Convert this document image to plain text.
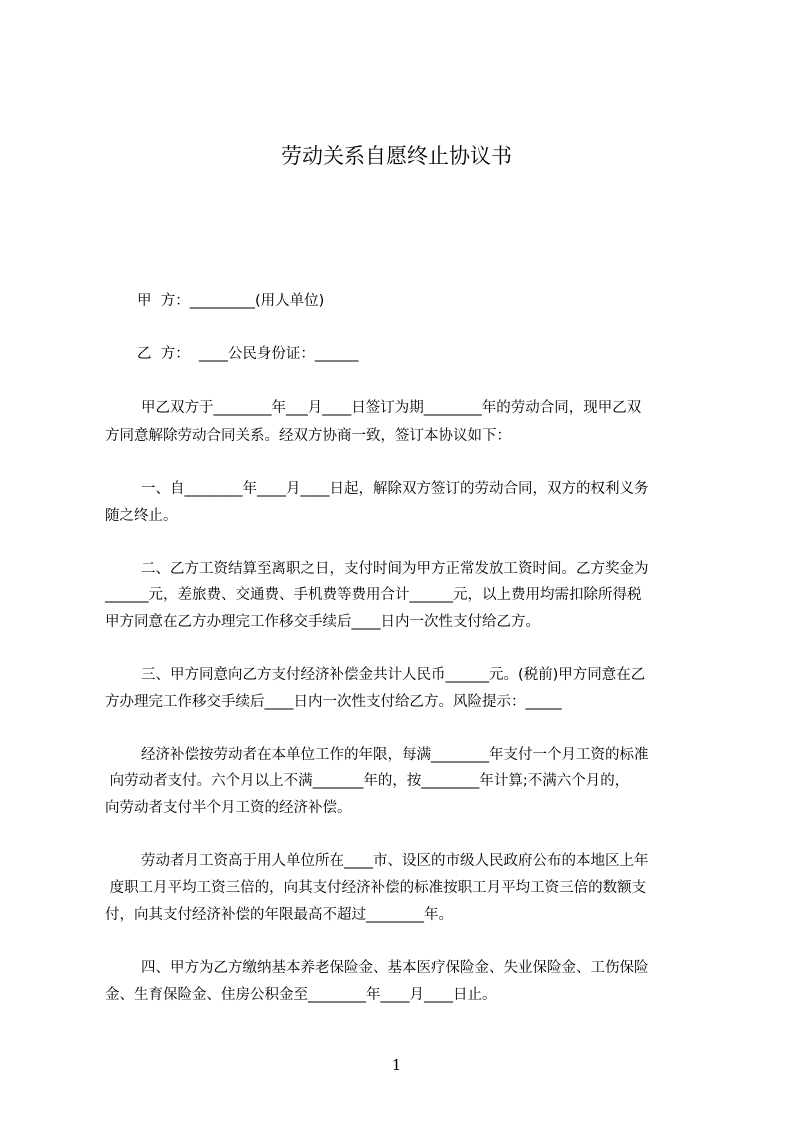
劳动关系自愿终止协议书
甲  方：_________(用人单位)
乙  方：  ____公民身份证：______
甲乙双方于________年___月____日签订为期________年的劳动合同，现甲乙双
方同意解除劳动合同关系。经双方协商一致，签订本协议如下：
一、自________年____月____日起，解除双方签订的劳动合同，双方的权利义务
随之终止。
二、乙方工资结算至离职之日，支付时间为甲方正常发放工资时间。乙方奖金为
______元，差旅费、交通费、手机费等费用合计______元，以上费用均需扣除所得税
甲方同意在乙方办理完工作移交手续后____日内一次性支付给乙方。
三、甲方同意向乙方支付经济补偿金共计人民币______元。(税前)甲方同意在乙
方办理完工作移交手续后____日内一次性支付给乙方。风险提示：_____
经济补偿按劳动者在本单位工作的年限，每满________年支付一个月工资的标准
向劳动者支付。六个月以上不满_______年的，按________年计算;不满六个月的，
向劳动者支付半个月工资的经济补偿。
劳动者月工资高于用人单位所在____市、设区的市级人民政府公布的本地区上年
度职工月平均工资三倍的，向其支付经济补偿的标准按职工月平均工资三倍的数额支
付，向其支付经济补偿的年限最高不超过________年。
四、甲方为乙方缴纳基本养老保险金、基本医疗保险金、失业保险金、工伤保险
金、生育保险金、住房公积金至________年____月____日止。
1
